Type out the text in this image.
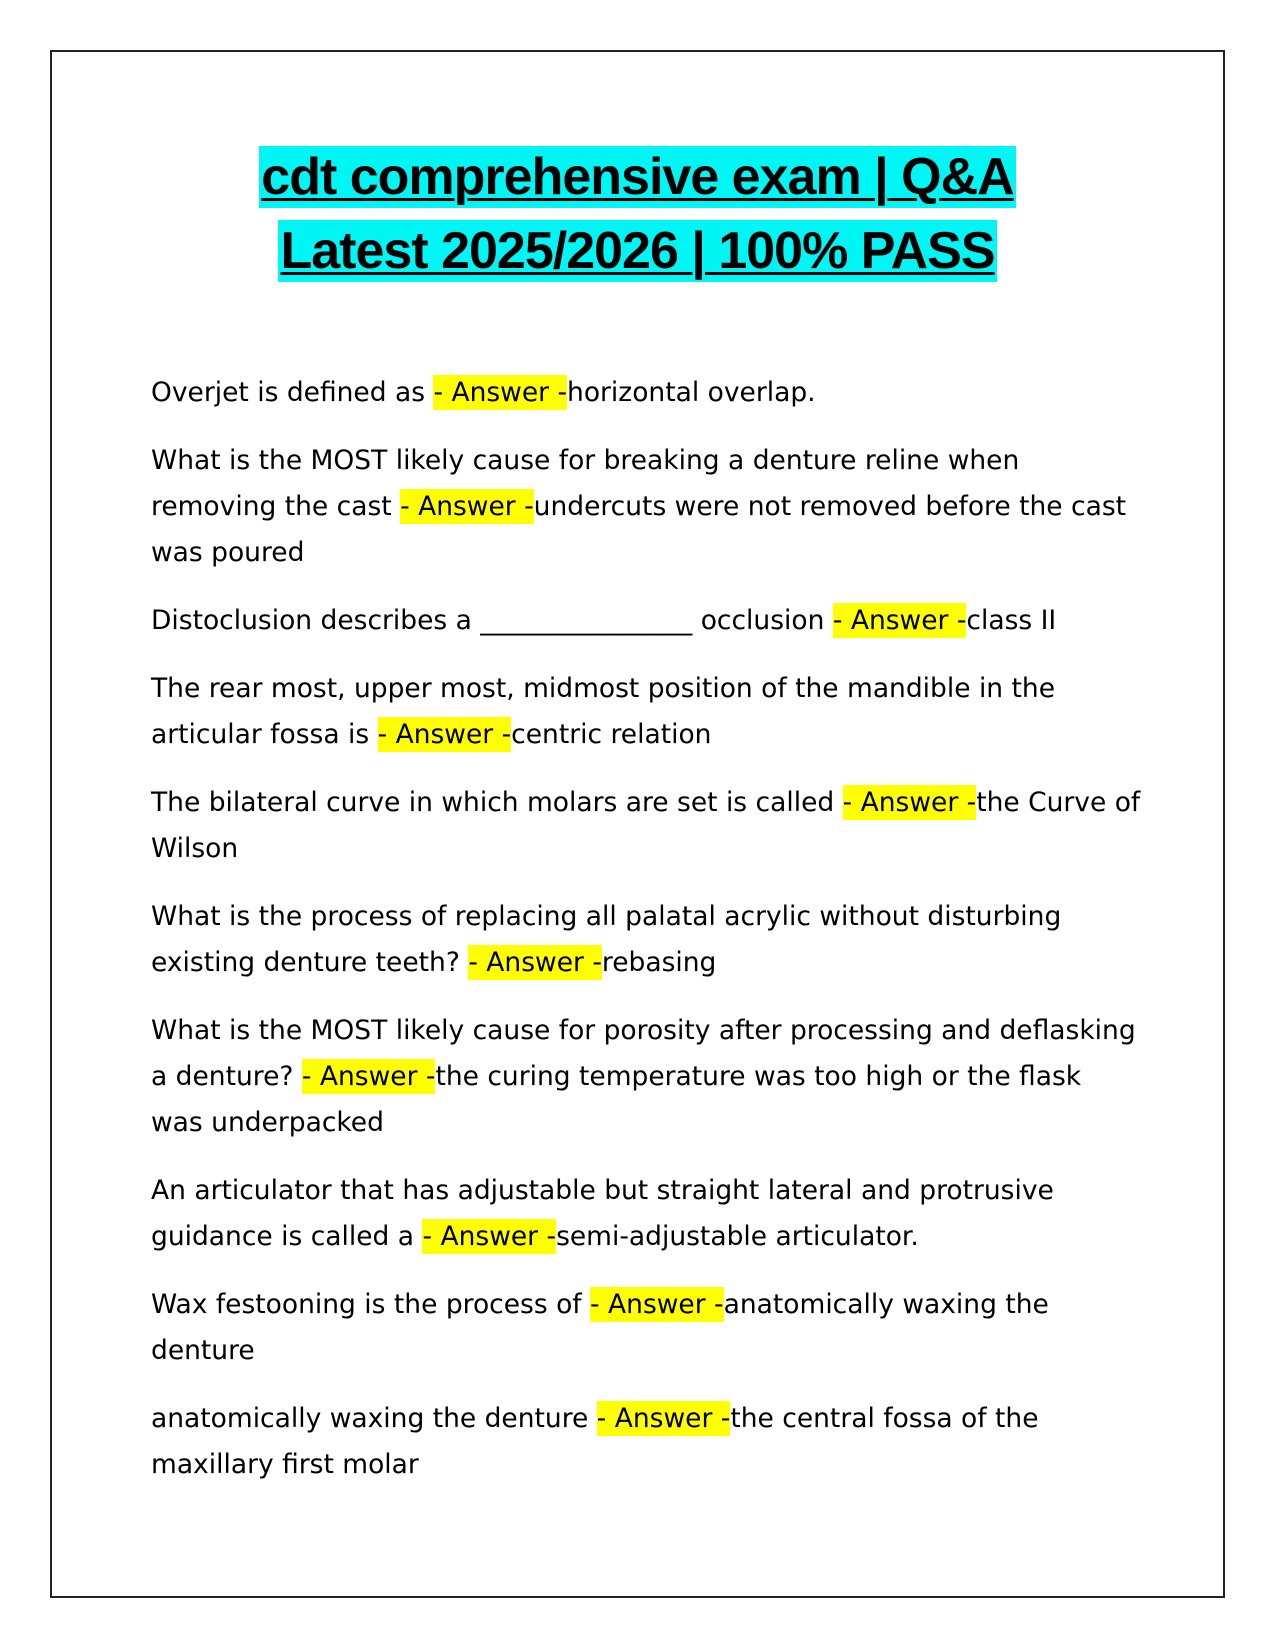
cdt comprehensive exam | Q&A
Latest 2025/2026 | 100% PASS

Overjet is defined as - Answer -horizontal overlap.

What is the MOST likely cause for breaking a denture reline when removing the cast - Answer -undercuts were not removed before the cast was poured

Distoclusion describes a ________________ occlusion - Answer -class II

The rear most, upper most, midmost position of the mandible in the articular fossa is - Answer -centric relation

The bilateral curve in which molars are set is called - Answer -the Curve of Wilson

What is the process of replacing all palatal acrylic without disturbing existing denture teeth? - Answer -rebasing

What is the MOST likely cause for porosity after processing and deflasking a denture? - Answer -the curing temperature was too high or the flask was underpacked

An articulator that has adjustable but straight lateral and protrusive guidance is called a - Answer -semi-adjustable articulator.

Wax festooning is the process of - Answer -anatomically waxing the denture

anatomically waxing the denture - Answer -the central fossa of the maxillary first molar
